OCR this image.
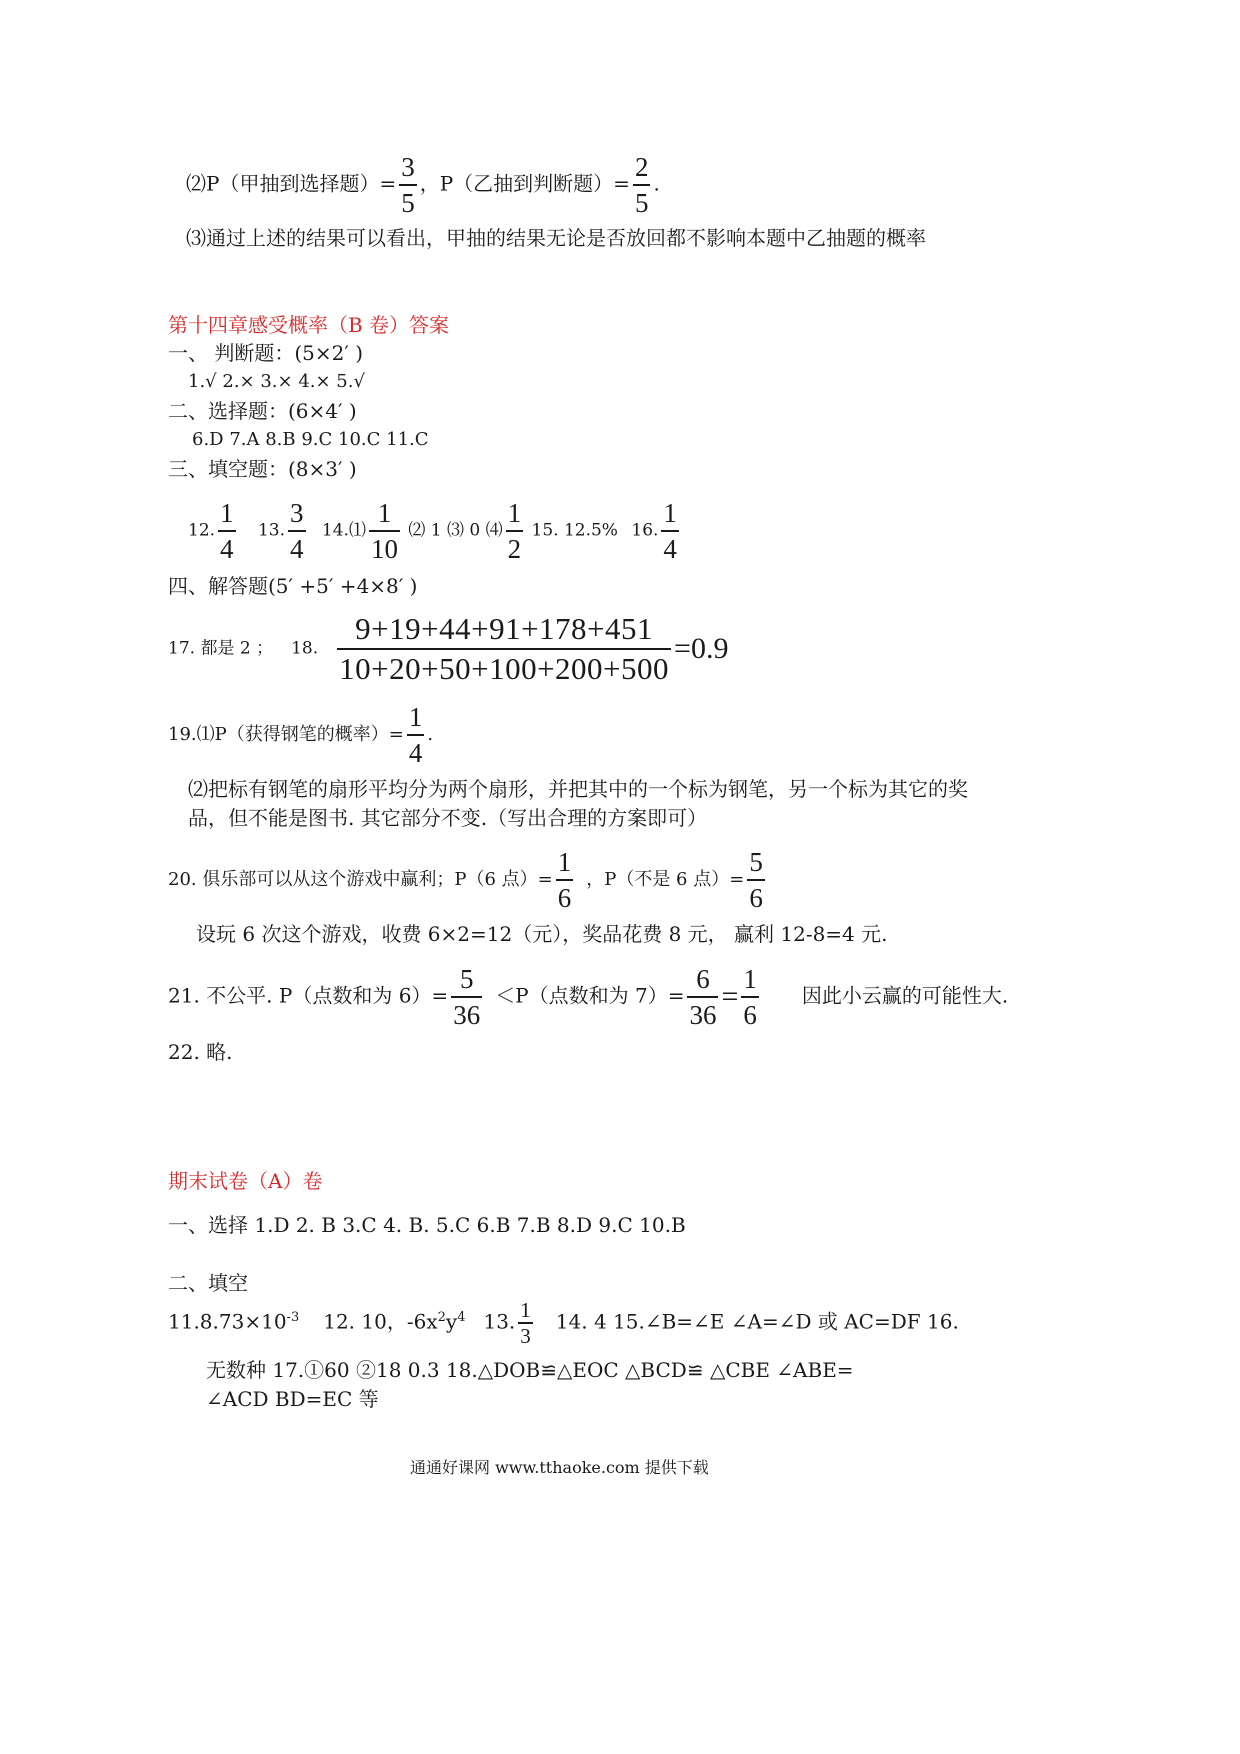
⑵P（甲抽到选择题）= $\frac{3}{5}$ ，P（乙抽到判断题）= $\frac{2}{5}$ .
⑶通过上述的结果可以看出，甲抽的结果无论是否放回都不影响本题中乙抽题的概率
第十四章感受概率（B 卷）答案
一、 判断题：(5×2′ )
1.√ 2.× 3.× 4.× 5.√
二、选择题：(6×4′ )
6.D 7.A 8.B 9.C 10.C 11.C
三、填空题：(8×3′ )
12. $\frac{1}{4} 13$. $\frac{3}{4}$ 14.⑴ $\frac{1}{10}$ ⑵ 1 ⑶ 0 ⑷ $\frac{1}{2} 15$. 12.5% 16. $\frac{1}{4}$
四、解答题(5′ +5′ +4×8′ )
17. 都是 2 ； 18. $\frac{9+19+44+91+178+451}{10+20+50+100+200+500} =0.9$
19.⑴P（获得钢笔的概率）= $\frac{1}{4}$ .
⑵把标有钢笔的扇形平均分为两个扇形，并把其中的一个标为钢笔，另一个标为其它的奖
品，但不能是图书. 其它部分不变.（写出合理的方案即可）
20. 俱乐部可以从这个游戏中赢利；P（6 点）= $\frac{1}{6}$ ，P（不是 6 点）= $\frac{5}{6}$
设玩 6 次这个游戏，收费 6×2=12（元），奖品花费 8 元， 赢利 12-8=4 元.
21. 不公平. P（点数和为 $6)= \frac{5}{36} <P$（点数和为 $7)= \frac{6}{36} = \frac{1}{6}$ 因此小云赢的可能性大.
22. 略.
期末试卷（A）卷
一、选择 1.D 2. B 3.C 4. B. 5.C 6.B 7.B 8.D 9.C 10.B
二、填空
$11.8.73\times 10^{-3}$ 12. 10，$-6x^2y^4$ 13. $\frac{1}{3} 14$. 4 15.∠B=∠E ∠A=∠D 或 AC=DF 16.
无数种 17.①60 ②18 0.3 18.△DOB≌△EOC △BCD≌ △CBE ∠ABE=
∠ACD BD=EC 等
通通好课网 www.tthaoke.com 提供下载
